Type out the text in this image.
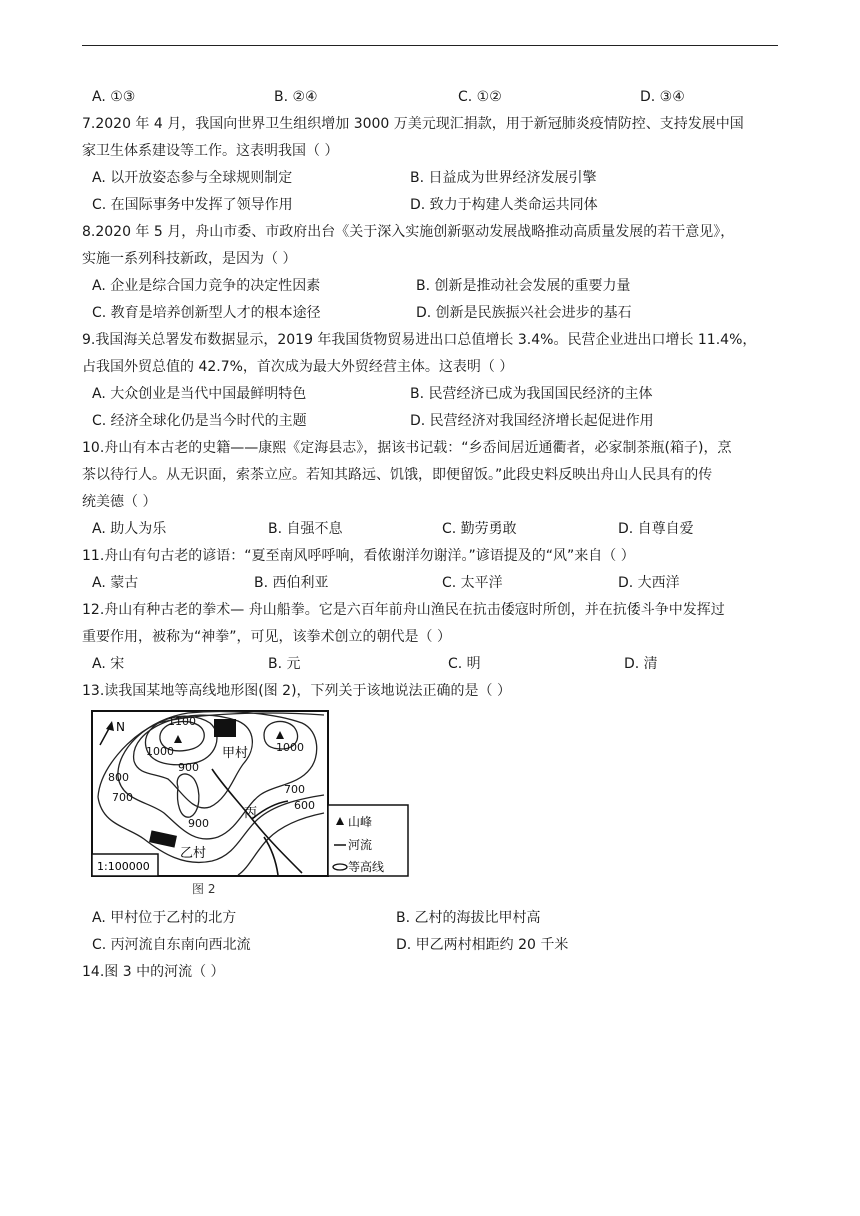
A. ①③	B. ②④	C. ①②	D. ③④

7.2020 年 4 月，我国向世界卫生组织增加 3000 万美元现汇捐款，用于新冠肺炎疫情防控、支持发展中国

家卫生体系建设等工作。这表明我国（ ）

A. 以开放姿态参与全球规则制定	B. 日益成为世界经济发展引擎
C. 在国际事务中发挥了领导作用	D. 致力于构建人类命运共同体

8.2020 年 5 月，舟山市委、市政府出台《关于深入实施创新驱动发展战略推动高质量发展的若干意见》，

实施一系列科技新政，是因为（ ）

A. 企业是综合国力竞争的决定性因素	B. 创新是推动社会发展的重要力量
C. 教育是培养创新型人才的根本途径	D. 创新是民族振兴社会进步的基石

9.我国海关总署发布数据显示，2019 年我国货物贸易进出口总值增长 3.4%。民营企业进出口增长 11.4%，

占我国外贸总值的 42.7%，首次成为最大外贸经营主体。这表明（ ）

A. 大众创业是当代中国最鲜明特色	B. 民营经济已成为我国国民经济的主体
C. 经济全球化仍是当今时代的主题	D. 民营经济对我国经济增长起促进作用

10.舟山有本古老的史籍——康熙《定海县志》，据该书记载：“乡岙间居近通衢者，必家制茶瓶(箱子)，烹

茶以待行人。从无识面，索茶立应。若知其路远、饥饿，即便留饭。”此段史料反映出舟山人民具有的传

统美德（ ）

A. 助人为乐	B. 自强不息	C. 勤劳勇敢	D. 自尊自爱

11.舟山有句古老的谚语：“夏至南风呼呼响，看侬谢洋勿谢洋。”谚语提及的“风”来自（ ）

A. 蒙古	B. 西伯利亚	C. 太平洋	D. 大西洋

12.舟山有种古老的拳术— 舟山船拳。它是六百年前舟山渔民在抗击倭寇时所创，并在抗倭斗争中发挥过

重要作用，被称为“神拳”，可见，该拳术创立的朝代是（ ）

A. 宋	B. 元	C. 明	D. 清

13.读我国某地等高线地形图(图 2)，下列关于该地说法正确的是（ ）

N
甲村
乙村
丙
1100
1000	1000
900
800
700
900
700
600
1:100000
山峰
河流
等高线
图 2
A. 甲村位于乙村的北方	B. 乙村的海拔比甲村高
C. 丙河流自东南向西北流	D. 甲乙两村相距约 20 千米

14.图 3 中的河流（ ）
